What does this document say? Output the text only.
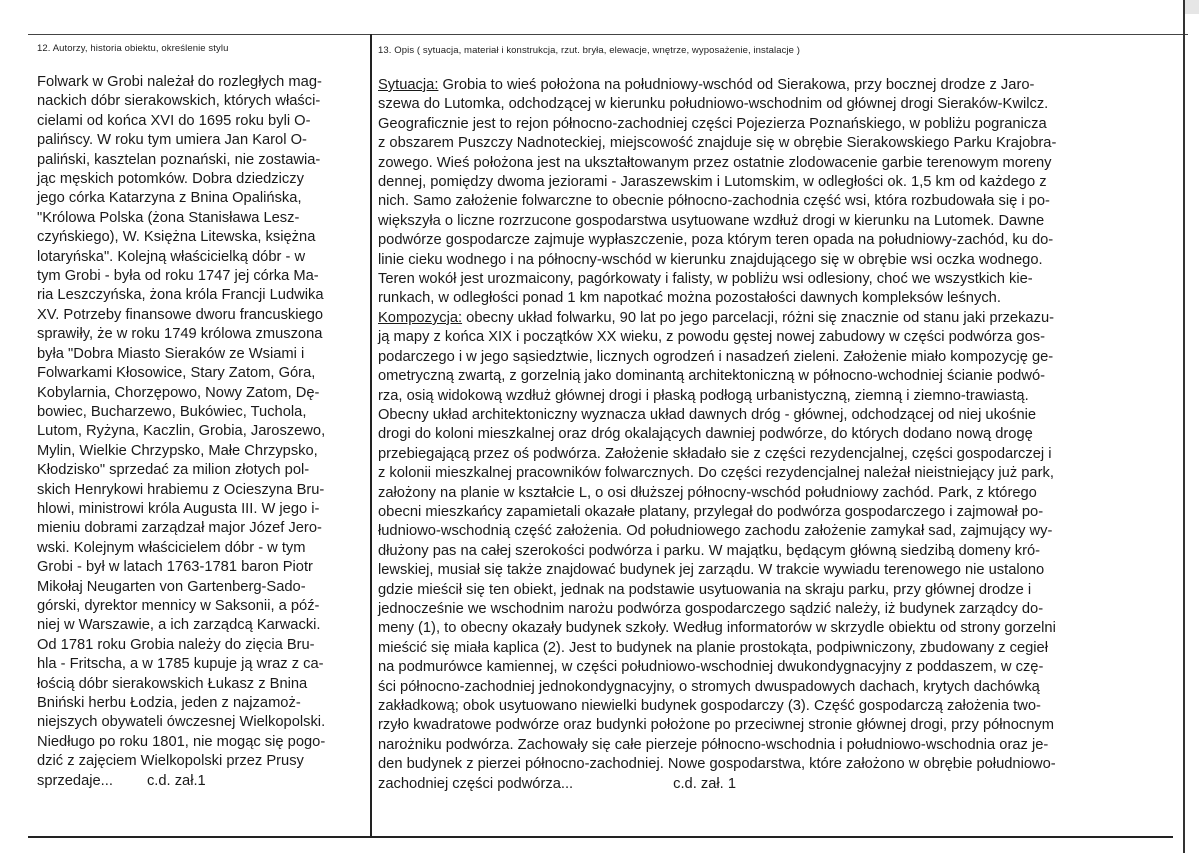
12. Autorzy, historia obiektu, określenie stylu	13. Opis ( sytuacja, materiał i konstrukcja, rzut. bryła, elewacje, wnętrze, wyposażenie, instalacje )
Folwark w Grobi należał do rozległych mag-
nackich dóbr sierakowskich, których właści-
cielami od końca XVI do 1695 roku byli O-
palińscy. W roku tym umiera Jan Karol O-
paliński, kasztelan poznański, nie zostawia-
jąc męskich potomków. Dobra dziedziczy
jego córka Katarzyna z Bnina Opalińska,
"Królowa Polska (żona Stanisława Lesz-
czyńskiego), W. Księżna Litewska, księżna
lotaryńska". Kolejną właścicielką dóbr - w
tym Grobi - była od roku 1747 jej córka Ma-
ria Leszczyńska, żona króla Francji Ludwika
XV. Potrzeby finansowe dworu francuskiego
sprawiły, że w roku 1749 królowa zmuszona
była "Dobra Miasto Sieraków ze Wsiami i
Folwarkami Kłosowice, Stary Zatom, Góra,
Kobylarnia, Chorzępowo, Nowy Zatom, Dę-
bowiec, Bucharzewo, Bukówiec, Tuchola,
Lutom, Ryżyna, Kaczlin, Grobia, Jaroszewo,
Mylin, Wielkie Chrzypsko, Małe Chrzypsko,
Kłodzisko" sprzedać za milion złotych pol-
skich Henrykowi hrabiemu z Ocieszyna Bru-
hlowi, ministrowi króla Augusta III. W jego i-
mieniu dobrami zarządzał major Józef Jero-
wski. Kolejnym właścicielem dóbr - w tym
Grobi - był w latach 1763-1781 baron Piotr
Mikołaj Neugarten von Gartenberg-Sado-
górski, dyrektor mennicy w Saksonii, a póź-
niej w Warszawie, a ich zarządcą Karwacki.
Od 1781 roku Grobia należy do zięcia Bru-
hla - Fritscha, a w 1785 kupuje ją wraz z ca-
łością dóbr sierakowskich Łukasz z Bnina
Bniński herbu Łodzia, jeden z najzamoż-
niejszych obywateli ówczesnej Wielkopolski.
Niedługo po roku 1801, nie mogąc się pogo-
dzić z zajęciem Wielkopolski przez Prusy
sprzedaje... c.d. zał.1
Sytuacja: Grobia to wieś położona na południowy-wschód od Sierakowa, przy bocznej drodze z Jaro-
szewa do Lutomka, odchodzącej w kierunku południowo-wschodnim od głównej drogi Sieraków-Kwilcz.
Geograficznie jest to rejon północno-zachodniej części Pojezierza Poznańskiego, w pobliżu pogranicza
z obszarem Puszczy Nadnoteckiej, miejscowość znajduje się w obrębie Sierakowskiego Parku Krajobra-
zowego. Wieś położona jest na ukształtowanym przez ostatnie zlodowacenie garbie terenowym moreny
dennej, pomiędzy dwoma jeziorami - Jaraszewskim i Lutomskim, w odległości ok. 1,5 km od każdego z
nich. Samo założenie folwarczne to obecnie północno-zachodnia część wsi, która rozbudowała się i po-
większyła o liczne rozrzucone gospodarstwa usytuowane wzdłuż drogi w kierunku na Lutomek. Dawne
podwórze gospodarcze zajmuje wypłaszczenie, poza którym teren opada na południowy-zachód, ku do-
linie cieku wodnego i na północny-wschód w kierunku znajdującego się w obrębie wsi oczka wodnego.
Teren wokół jest urozmaicony, pagórkowaty i falisty, w pobliżu wsi odlesiony, choć we wszystkich kie-
runkach, w odległości ponad 1 km napotkać można pozostałości dawnych kompleksów leśnych.
Kompozycja: obecny układ folwarku, 90 lat po jego parcelacji, różni się znacznie od stanu jaki przekazu-
ją mapy z końca XIX i początków XX wieku, z powodu gęstej nowej zabudowy w części podwórza gos-
podarczego i w jego sąsiedztwie, licznych ogrodzeń i nasadzeń zieleni. Założenie miało kompozycję ge-
ometryczną zwartą, z gorzelnią jako dominantą architektoniczną w północno-wchodniej ścianie podwó-
rza, osią widokową wzdłuż głównej drogi i płaską podłogą urbanistyczną, ziemną i ziemno-trawiastą.
Obecny układ architektoniczny wyznacza układ dawnych dróg - głównej, odchodzącej od niej ukośnie
drogi do koloni mieszkalnej oraz dróg okalających dawniej podwórze, do których dodano nową drogę
przebiegającą przez oś podwórza. Założenie składało sie z części rezydencjalnej, części gospodarczej i
z kolonii mieszkalnej pracowników folwarcznych. Do części rezydencjalnej należał nieistniejący już park,
założony na planie w kształcie L, o osi dłuższej północny-wschód południowy zachód. Park, z którego
obecni mieszkańcy zapamietali okazałe platany, przylegał do podwórza gospodarczego i zajmował po-
łudniowo-wschodnią część założenia. Od południowego zachodu założenie zamykał sad, zajmujący wy-
dłużony pas na całej szerokości podwórza i parku. W majątku, będącym główną siedzibą domeny kró-
lewskiej, musiał się także znajdować budynek jej zarządu. W trakcie wywiadu terenowego nie ustalono
gdzie mieścił się ten obiekt, jednak na podstawie usytuowania na skraju parku, przy głównej drodze i
jednocześnie we wschodnim narożu podwórza gospodarczego sądzić należy, iż budynek zarządcy do-
meny (1), to obecny okazały budynek szkoły. Według informatorów w skrzydle obiektu od strony gorzelni
mieścić się miała kaplica (2). Jest to budynek na planie prostokąta, podpiwniczony, zbudowany z cegieł
na podmurówce kamiennej, w części południowo-wschodniej dwukondygnacyjny z poddaszem, w czę-
ści północno-zachodniej jednokondygnacyjny, o stromych dwuspadowych dachach, krytych dachówką
zakładkową; obok usytuowano niewielki budynek gospodarczy (3). Część gospodarczą założenia two-
rzyło kwadratowe podwórze oraz budynki położone po przeciwnej stronie głównej drogi, przy północnym
narożniku podwórza. Zachowały się całe pierzeje północno-wschodnia i południowo-wschodnia oraz je-
den budynek z pierzei północno-zachodniej. Nowe gospodarstwa, które założono w obrębie południowo-
zachodniej części podwórza...	c.d. zał. 1
